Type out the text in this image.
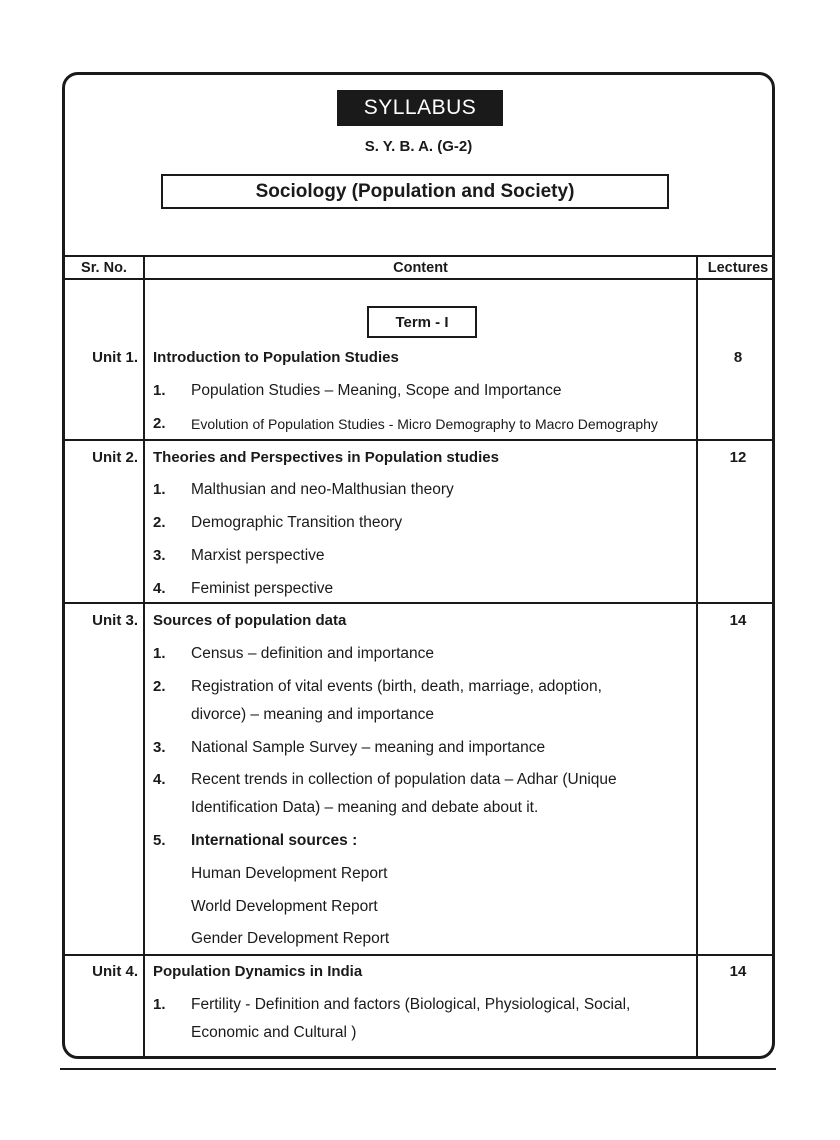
SYLLABUS
S. Y. B. A. (G-2)
Sociology (Population and Society)
Sr. No.	Content	Lectures
Term - I
Unit 1. Introduction to Population Studies	8
1. Population Studies – Meaning, Scope and Importance
2. Evolution of Population Studies - Micro Demography to Macro Demography
Unit 2. Theories and Perspectives in Population studies	12
1. Malthusian and neo-Malthusian theory
2. Demographic Transition theory
3. Marxist perspective
4. Feminist perspective
Unit 3. Sources of population data	14
1. Census – definition and importance
2. Registration of vital events (birth, death, marriage, adoption,
divorce) – meaning and importance
3. National Sample Survey – meaning and importance
4. Recent trends in collection of population data – Adhar (Unique
Identification Data) – meaning and debate about it.
5. International sources :
Human Development Report
World Development Report
Gender Development Report
Unit 4. Population Dynamics in India	14
1. Fertility - Definition and factors (Biological, Physiological, Social,
Economic and Cultural )
